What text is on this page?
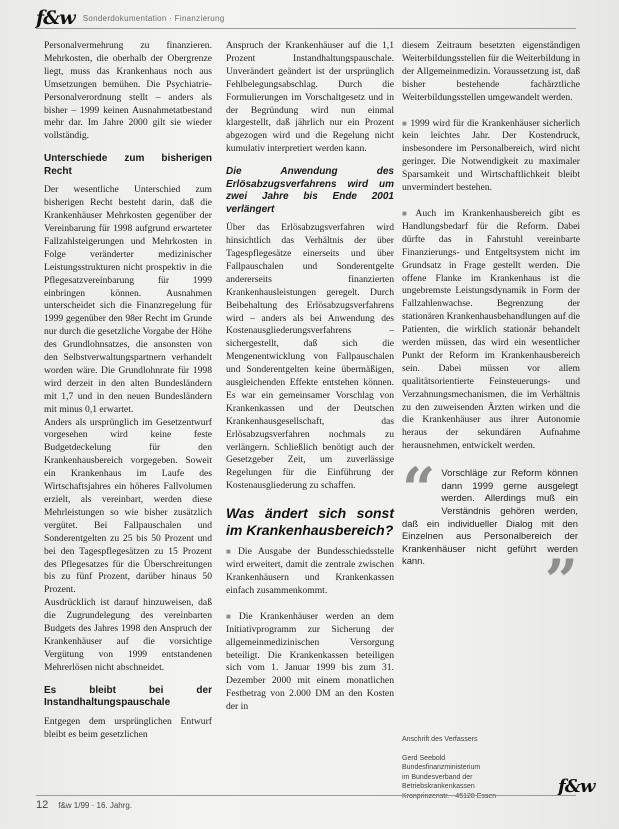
f&w Sonderdokumentation · Finanzierung

Personalvermehrung zu finanzieren. Mehrkosten, die oberhalb der Obergrenze liegt, muss das Krankenhaus noch aus Umsetzungen bemühen. Die Psychiatrie-Personalverordnung stellt – anders als bisher – 1999 keinen Ausnahmetatbestand mehr dar. Im Jahre 2000 gilt sie wieder vollständig.

Unterschiede zum bisherigen Recht

Der wesentliche Unterschied zum bisherigen Recht besteht darin, daß die Krankenhäuser Mehrkosten gegenüber der Vereinbarung für 1998 aufgrund erwarteter Fallzahlsteigerungen und Mehrkosten in Folge veränderter medizinischer Leistungsstrukturen nicht prospektiv in die Pflegesatzvereinbarung für 1999 einbringen können. Ausnahmen unterscheidet sich die Finanzregelung für 1999 gegenüber den 98er Recht im Grunde nur durch die gesetzliche Vorgabe der Höhe des Grundlohnsatzes, die ansonsten von den Selbstverwaltungspartnern verhandelt worden wäre. Die Grundlohnrate für 1998 wird derzeit in den alten Bundesländern mit 1,7 und in den neuen Bundesländern mit minus 0,1 erwartet.

Anders als ursprünglich im Gesetzentwurf vorgesehen wird keine feste Budgetdeckelung für den Krankenhausbereich vorgegeben. Soweit ein Krankenhaus im Laufe des Wirtschaftsjahres ein höheres Fallvolumen erzielt, als vereinbart, werden diese Mehrleistungen so wie bisher zusätzlich vergütet. Bei Fallpauschalen und Sonderentgelten zu 25 bis 50 Prozent und bei den Tagespflegesätzen zu 15 Prozent des Pflegesatzes für die Überschreitungen bis zu fünf Prozent, darüber hinaus 50 Prozent.

Ausdrücklich ist darauf hinzuweisen, daß die Zugrundelegung des vereinbarten Budgets des Jahres 1998 den Anspruch der Krankenhäuser auf die vorsichtige Vergütung von 1999 entstandenen Mehrerlösen nicht abschneidet.

Es bleibt bei der Instandhaltungspauschale

Entgegen dem ursprünglichen Entwurf bleibt es beim gesetzlichen

Anspruch der Krankenhäuser auf die 1,1 Prozent Instandhaltungspauschale. Unverändert geändert ist der ursprünglich Fehlbelegungsabschlag. Durch die Formulierungen im Vorschaltgesetz und in der Begründung wird nun einmal klargestellt, daß jährlich nur ein Prozent abgezogen wird und die Regelung nicht kumulativ interpretiert werden kann.

Die Anwendung des Erlösabzugsverfahrens wird um zwei Jahre bis Ende 2001 verlängert

Über das Erlösabzugsverfahren wird hinsichtlich das Verhältnis der über Tagespflegesätze einerseits und über Fallpauschalen und Sonderentgelte andererseits finanzierten Krankenhausleistungen geregelt. Durch Beibehaltung des Erlösabzugsverfahrens wird – anders als bei Anwendung des Kostenausgliederungsverfahrens – sichergestellt, daß sich die Mengenentwicklung von Fallpauschalen und Sonderentgelten keine übermäßigen, ausgleichenden Effekte entstehen können. Es war ein gemeinsamer Vorschlag von Krankenkassen und der Deutschen Krankenhausgesellschaft, das Erlösabzugsverfahren nochmals zu verlängern. Schließlich benötigt auch der Gesetzgeber Zeit, um zuverlässige Regelungen für die Einführung der Kostenausgliederung zu schaffen.

Was ändert sich sonst im Krankenhausbereich?

■ Die Ausgabe der Bundesschiedsstelle wird erweitert, damit die zentrale zwischen Krankenhäusern und Krankenkassen einfach zusammenkommt.

■ Die Krankenhäuser werden an dem Initiativprogramm zur Sicherung der allgemeinmedizinischen Versorgung beteiligt. Die Krankenkassen beteiligen sich vom 1. Januar 1999 bis zum 31. Dezember 2000 mit einem monatlichen Festbetrag von 2.000 DM an den Kosten der in

diesem Zeitraum besetzten eigenständigen Weiterbildungsstellen für die Weiterbildung in der Allgemeinmedizin. Voraussetzung ist, daß bisher bestehende fachärztliche Weiterbildungsstellen umgewandelt werden.

■ 1999 wird für die Krankenhäuser sicherlich kein leichtes Jahr. Der Kostendruck, insbesondere im Personalbereich, wird nicht geringer. Die Notwendigkeit zu maximaler Sparsamkeit und Wirtschaftlichkeit bleibt unvermindert bestehen.

■ Auch im Krankenhausbereich gibt es Handlungsbedarf für die Reform. Dabei dürfte das in Fahrstuhl vereinbarte Finanzierungs- und Entgeltsystem nicht im Grundsatz in Frage gestellt werden. Die offene Flanke im Krankenhaus ist die ungebremste Leistungsdynamik in Form der Fallzahlenwachse. Begrenzung der stationären Krankenhausbehandlungen auf die Patienten, die wirklich stationär behandelt werden müssen, das wird ein wesentlicher Punkt der Reform im Krankenhausbereich sein. Dabei müssen vor allem qualitätsorientierte Feinsteuerungs- und Verzahnungsmechanismen, die im Verhältnis zu den zuweisenden Ärzten wirken und die die Krankenhäuser aus ihrer Autonomie heraus der sekundären Aufnahme herausnehmen, entwickelt werden.

“ Vorschläge zur Reform können dann 1999 gerne ausgelegt werden. Allerdings muß ein Verständnis gehören werden, daß ein individueller Dialog mit den Einzelnen aus Personalbereich der Krankenhäuser nicht geführt werden kann. ”
Anschrift des Verfassers
Gerd Seebold
Bundesfinanzministerium
im Bundesverband der Betriebskrankenkassen
Kronprinzenstr. · 45128 Essen	f&w
12 f&w 1/99 · 16. Jahrg.
